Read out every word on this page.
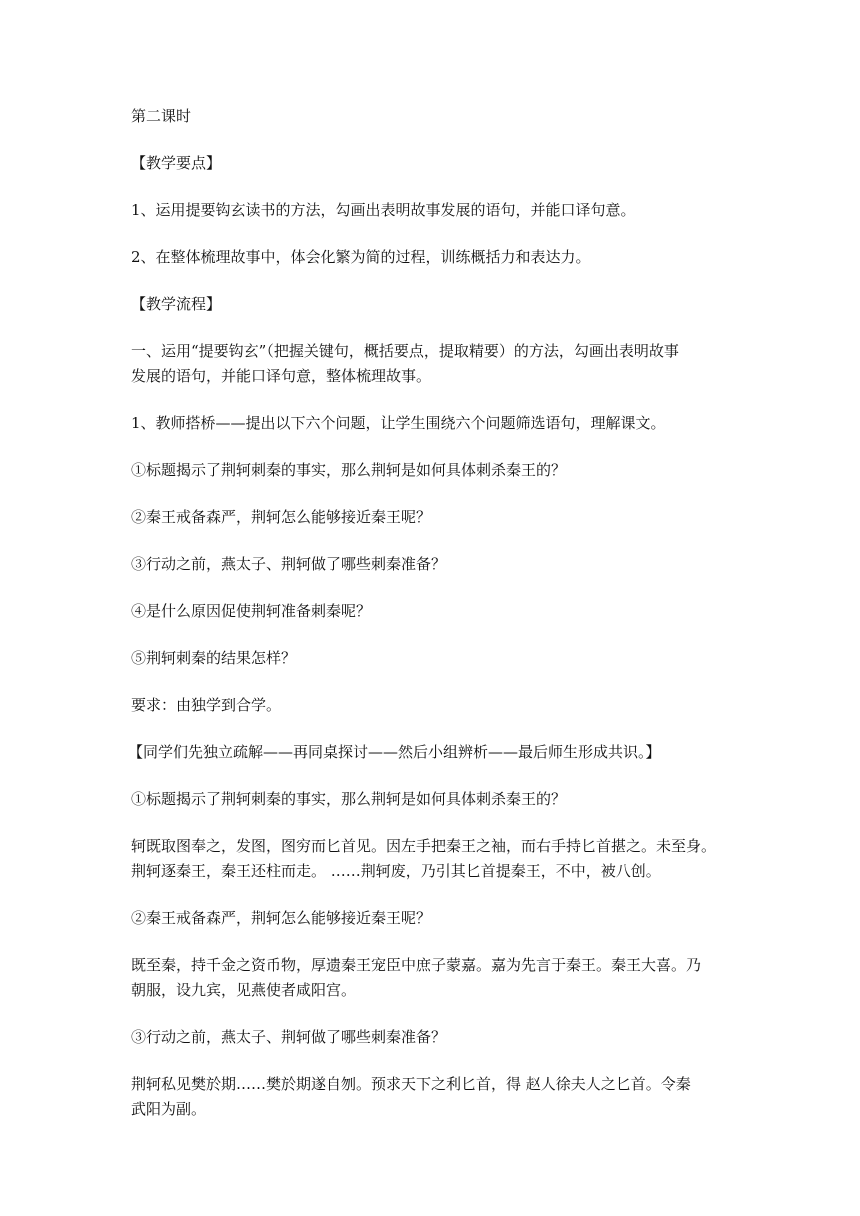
第二课时

【教学要点】

1、运用提要钩玄读书的方法，勾画出表明故事发展的语句，并能口译句意。

2、在整体梳理故事中，体会化繁为简的过程，训练概括力和表达力。

【教学流程】

一、运用“提要钩玄”（把握关键句，概括要点，提取精要）的方法，勾画出表明故事

发展的语句，并能口译句意，整体梳理故事。

1、教师搭桥——提出以下六个问题，让学生围绕六个问题筛选语句，理解课文。

①标题揭示了荆轲刺秦的事实，那么荆轲是如何具体刺杀秦王的？

②秦王戒备森严，荆轲怎么能够接近秦王呢？

③行动之前，燕太子、荆轲做了哪些刺秦准备？

④是什么原因促使荆轲准备刺秦呢？

⑤荆轲刺秦的结果怎样？

要求：由独学到合学。

【同学们先独立疏解——再同桌探讨——然后小组辨析——最后师生形成共识。】

①标题揭示了荆轲刺秦的事实，那么荆轲是如何具体刺杀秦王的？

轲既取图奉之，发图，图穷而匕首见。因左手把秦王之袖，而右手持匕首揕之。未至身。

荆轲逐秦王，秦王还柱而走。 ……荆轲废，乃引其匕首提秦王，不中，被八创。

②秦王戒备森严，荆轲怎么能够接近秦王呢？

既至秦，持千金之资币物，厚遗秦王宠臣中庶子蒙嘉。嘉为先言于秦王。秦王大喜。乃

朝服，设九宾，见燕使者咸阳宫。

③行动之前，燕太子、荆轲做了哪些刺秦准备？

荆轲私见樊於期……樊於期遂自刎。预求天下之利匕首，得 赵人徐夫人之匕首。令秦

武阳为副。
